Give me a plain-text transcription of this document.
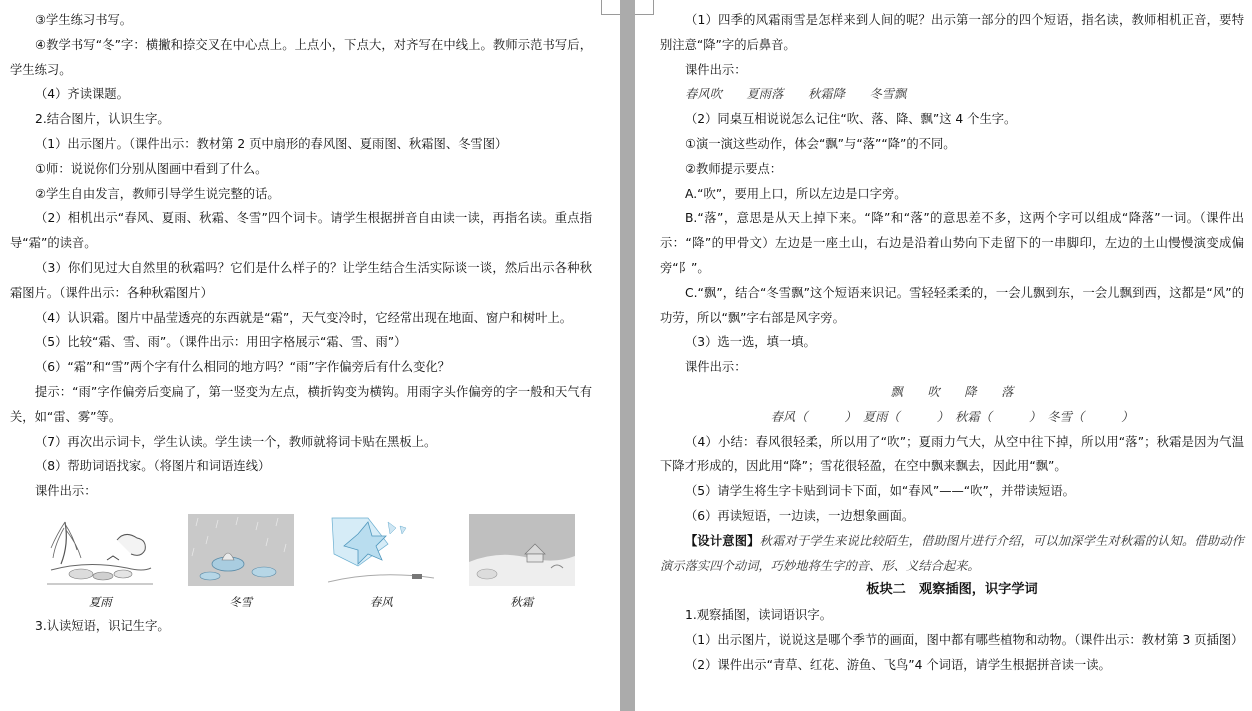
③学生练习书写。

④教学书写“冬”字：横撇和捺交叉在中心点上。上点小，下点大，对齐写在中线上。教师示范书写后，学生练习。

（4）齐读课题。

2.结合图片，认识生字。

（1）出示图片。（课件出示：教材第 2 页中扇形的春风图、夏雨图、秋霜图、冬雪图）

①师：说说你们分别从图画中看到了什么。

②学生自由发言，教师引导学生说完整的话。

（2）相机出示“春风、夏雨、秋霜、冬雪”四个词卡。请学生根据拼音自由读一读，再指名读。重点指导“霜”的读音。

（3）你们见过大自然里的秋霜吗？它们是什么样子的？让学生结合生活实际谈一谈，然后出示各种秋霜图片。（课件出示：各种秋霜图片）

（4）认识霜。图片中晶莹透亮的东西就是“霜”，天气变冷时，它经常出现在地面、窗户和树叶上。

（5）比较“霜、雪、雨”。（课件出示：用田字格展示“霜、雪、雨”）

（6）“霜”和“雪”两个字有什么相同的地方吗？“雨”字作偏旁后有什么变化？

提示：“雨”字作偏旁后变扁了，第一竖变为左点，横折钩变为横钩。用雨字头作偏旁的字一般和天气有关，如“雷、雾”等。

（7）再次出示词卡，学生认读。学生读一个，教师就将词卡贴在黑板上。

（8）帮助词语找家。（将图片和词语连线）

课件出示：

夏雨	冬雪	春风	秋霜

3.认读短语，识记生字。

（1）四季的风霜雨雪是怎样来到人间的呢？出示第一部分的四个短语，指名读，教师相机正音，要特别注意“降”字的后鼻音。

课件出示：

春风吹　　夏雨落　　秋霜降　　冬雪飘

（2）同桌互相说说怎么记住“吹、落、降、飘”这 4 个生字。

①演一演这些动作，体会“飘”与“落”“降”的不同。

②教师提示要点：

A.“吹”，要用上口，所以左边是口字旁。

B.“落”，意思是从天上掉下来。“降”和“落”的意思差不多，这两个字可以组成“降落”一词。（课件出示：“降”的甲骨文）左边是一座土山，右边是沿着山势向下走留下的一串脚印，左边的土山慢慢演变成偏旁“阝”。

C.“飘”，结合“冬雪飘”这个短语来识记。雪轻轻柔柔的，一会儿飘到东，一会儿飘到西，这都是“风”的功劳，所以“飘”字右部是风字旁。

（3）选一选，填一填。

课件出示：

飘　　吹　　降　　落

春风（　　　）　夏雨（　　　）　秋霜（　　　）　冬雪（　　　）

（4）小结：春风很轻柔，所以用了“吹”；夏雨力气大，从空中往下掉，所以用“落”；秋霜是因为气温下降才形成的，因此用“降”；雪花很轻盈，在空中飘来飘去，因此用“飘”。

（5）请学生将生字卡贴到词卡下面，如“春风”——“吹”，并带读短语。

（6）再读短语，一边读，一边想象画面。

【设计意图】秋霜对于学生来说比较陌生，借助图片进行介绍，可以加深学生对秋霜的认知。借助动作演示落实四个动词，巧妙地将生字的音、形、义结合起来。

板块二　观察插图，识字学词

1.观察插图，读词语识字。

（1）出示图片，说说这是哪个季节的画面，图中都有哪些植物和动物。（课件出示：教材第 3 页插图）

（2）课件出示“青草、红花、游鱼、飞鸟”4 个词语，请学生根据拼音读一读。
